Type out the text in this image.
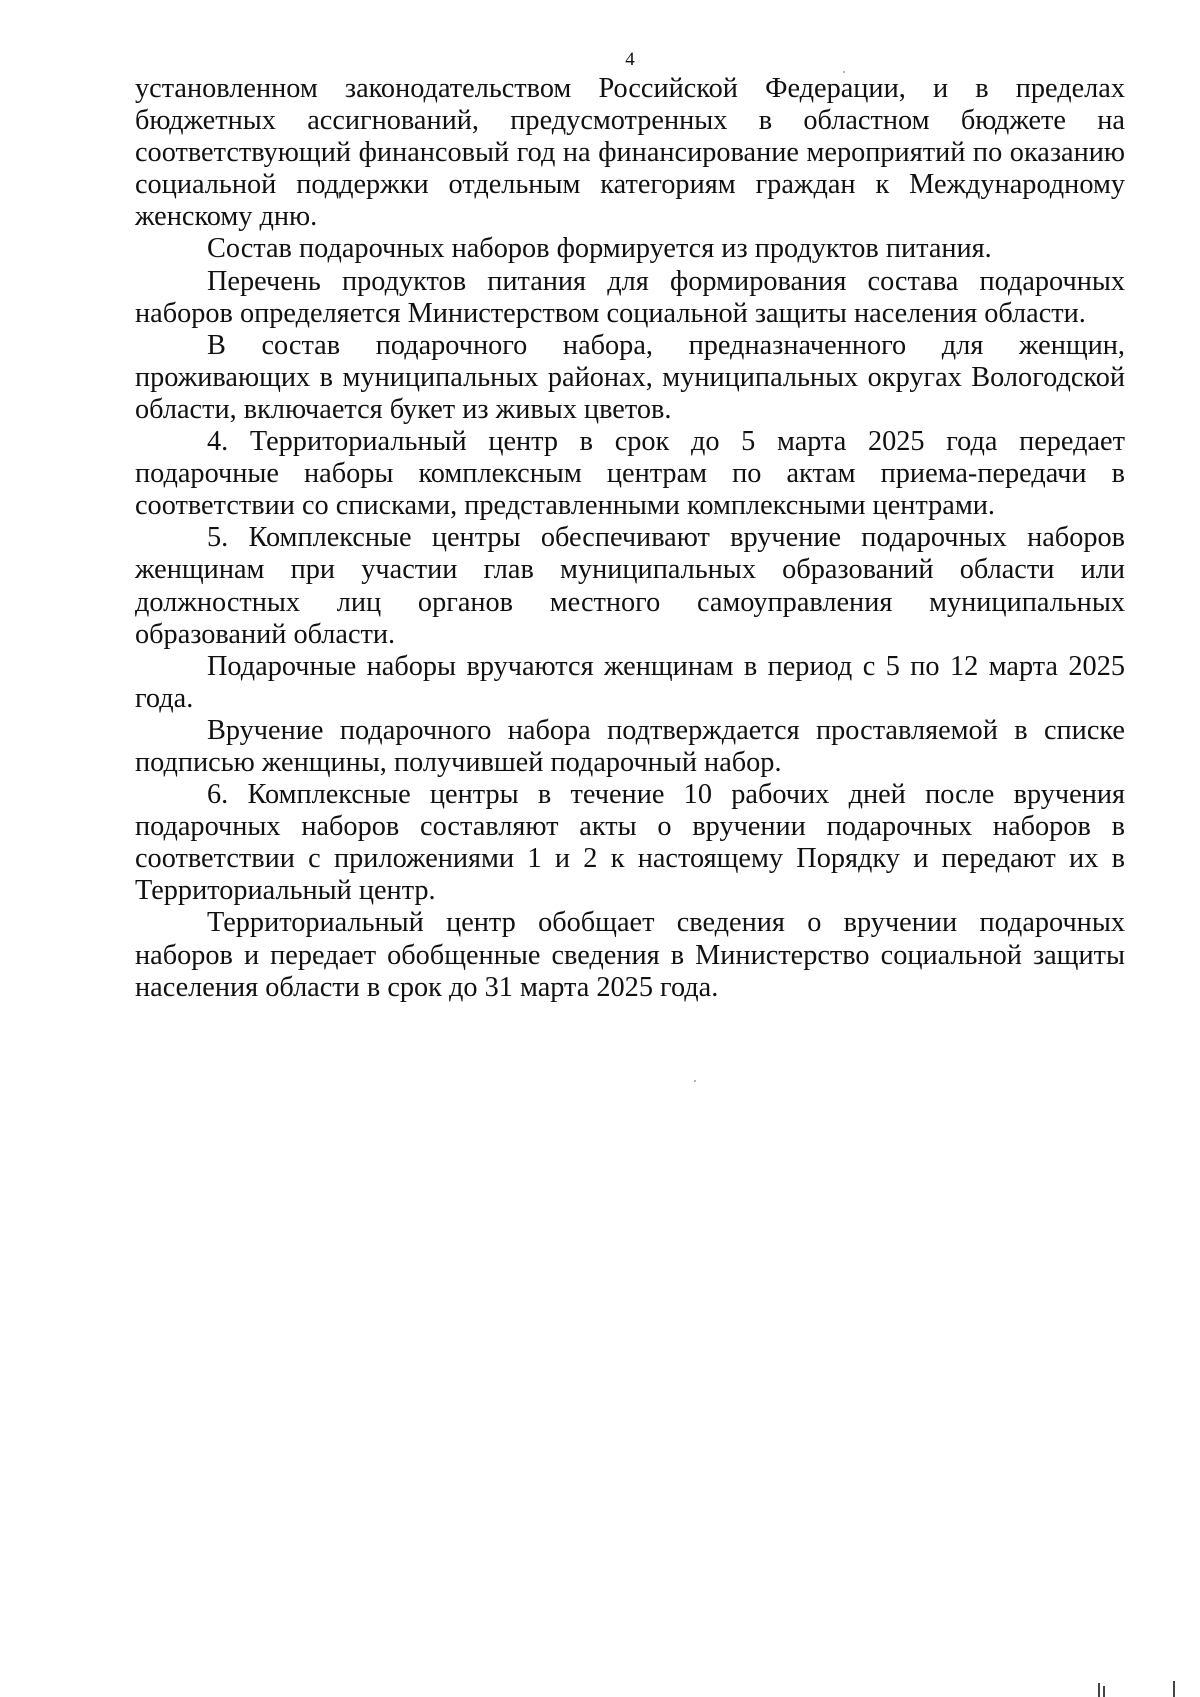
4

установленном законодательством Российской Федерации, и в пределах бюджетных ассигнований, предусмотренных в областном бюджете на соответствующий финансовый год на финансирование мероприятий по оказанию социальной поддержки отдельным категориям граждан к Международному женскому дню.

Состав подарочных наборов формируется из продуктов питания.

Перечень продуктов питания для формирования состава подарочных наборов определяется Министерством социальной защиты населения области.

В состав подарочного набора, предназначенного для женщин, проживающих в муниципальных районах, муниципальных округах Вологодской области, включается букет из живых цветов.

4. Территориальный центр в срок до 5 марта 2025 года передает подарочные наборы комплексным центрам по актам приема-передачи в соответствии со списками, представленными комплексными центрами.

5. Комплексные центры обеспечивают вручение подарочных наборов женщинам при участии глав муниципальных образований области или должностных лиц органов местного самоуправления муниципальных образований области.

Подарочные наборы вручаются женщинам в период с 5 по 12 марта 2025 года.

Вручение подарочного набора подтверждается проставляемой в списке подписью женщины, получившей подарочный набор.

6. Комплексные центры в течение 10 рабочих дней после вручения подарочных наборов составляют акты о вручении подарочных наборов в соответствии с приложениями 1 и 2 к настоящему Порядку и передают их в Территориальный центр.

Территориальный центр обобщает сведения о вручении подарочных наборов и передает обобщенные сведения в Министерство социальной защиты населения области в срок до 31 марта 2025 года.
